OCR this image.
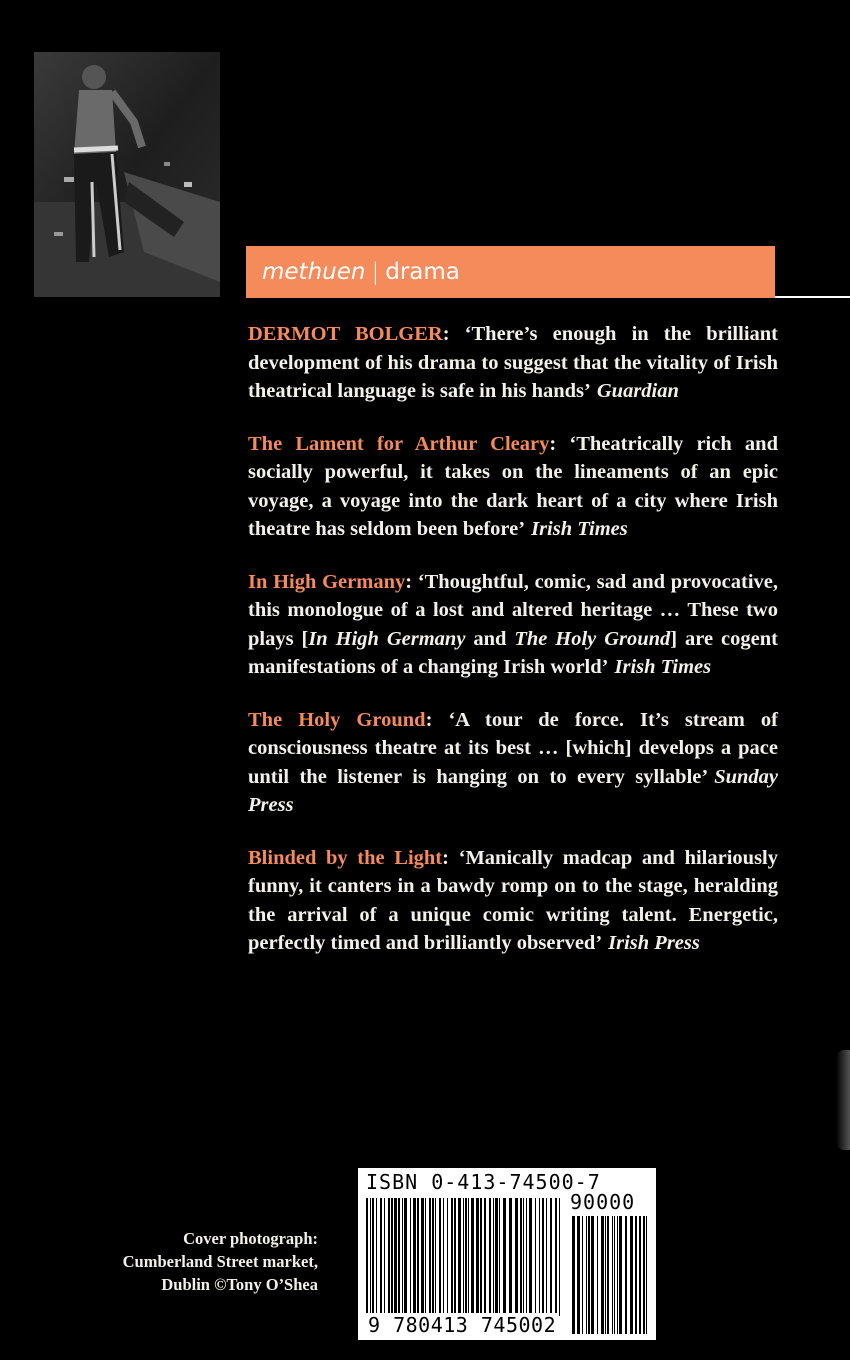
methuen | drama

DERMOT BOLGER: ‘There’s enough in the brilliant development of his drama to suggest that the vitality of Irish theatrical language is safe in his hands’ Guardian

The Lament for Arthur Cleary: ‘Theatrically rich and socially powerful, it takes on the lineaments of an epic voyage, a voyage into the dark heart of a city where Irish theatre has seldom been before’ Irish Times

In High Germany: ‘Thoughtful, comic, sad and provocative, this monologue of a lost and altered heritage … These two plays [In High Germany and The Holy Ground] are cogent manifestations of a changing Irish world’ Irish Times

The Holy Ground: ‘A tour de force. It’s stream of consciousness theatre at its best … [which] develops a pace until the listener is hanging on to every syllable’ Sunday Press

Blinded by the Light: ‘Manically madcap and hilariously funny, it canters in a bawdy romp on to the stage, heralding the arrival of a unique comic writing talent. Energetic, perfectly timed and brilliantly observed’ Irish Press

Cover photograph:
Cumberland Street market,
Dublin ©Tony O’Shea
ISBN 0-413-74500-7
90000
9 780413 745002
